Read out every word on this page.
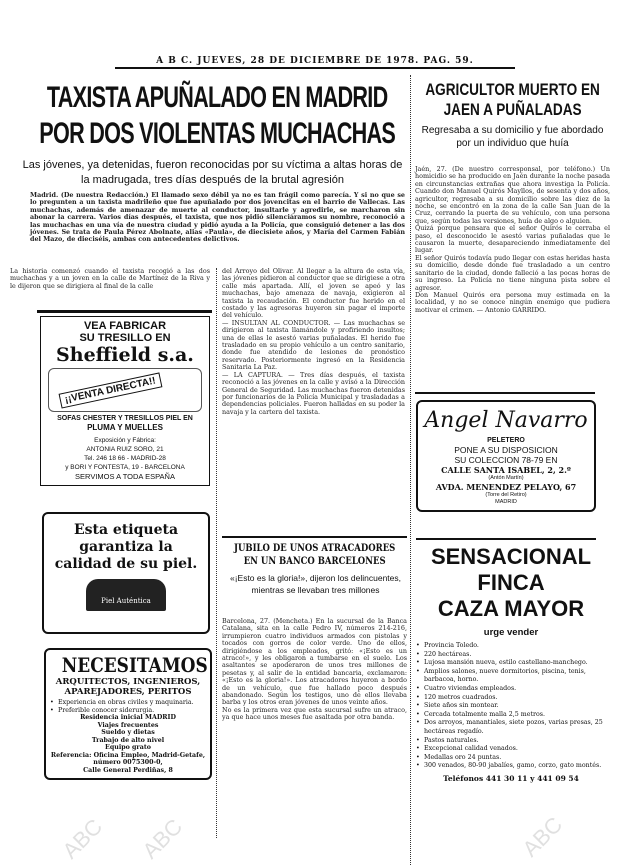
ABC ABC	ABC
A B C. JUEVES, 28 DE DICIEMBRE DE 1978. PAG. 59.
TAXISTA APUÑALADO EN MADRID
POR DOS VIOLENTAS MUCHACHAS
Las jóvenes, ya detenidas, fueron reconocidas por su víctima a altas horas de la madrugada, tres días después de la brutal agresión
Madrid. (De nuestra Redacción.) El llamado sexo débil ya no es tan frágil como parecía. Y si no que se lo pregunten a un taxista madrileño que fue apuñalado por dos jovencitas en el barrio de Vallecas. Las muchachas, además de amenazar de muerte al conductor, insultarle y agredirle, se marcharon sin abonar la carrera. Varios días después, el taxista, que nos pidió silenciáramos su nombre, reconoció a las muchachas en una vía de nuestra ciudad y pidió ayuda a la Policía, que consiguió detener a las dos jóvenes. Se trata de Paula Pérez Abolnate, alias «Paula», de diecisiete años, y María del Carmen Fabián del Mazo, de dieciséis, ambas con antecedentes delictivos.
La historia comenzó cuando el taxista recogió a las dos muchachas y a un joven en la calle de Martínez de la Riva y le dijeron que se dirigiera al final de la calle
del Arroyo del Olivar. Al llegar a la altura de esta vía, las jóvenes pidieron al conductor que se dirigiese a otra calle más apartada. Allí, el joven se apeó y las muchachas, bajo amenaza de navaja, exigieron al taxista la recaudación. El conductor fue herido en el costado y las agresoras huyeron sin pagar el importe del vehículo.
— INSULTAN AL CONDUCTOR. — Las muchachas se dirigieron al taxista llamándole y profiriendo insultos; una de ellas le asestó varias puñaladas. El herido fue trasladado en su propio vehículo a un centro sanitario, donde fue atendido de lesiones de pronóstico reservado. Posteriormente ingresó en la Residencia Sanitaria La Paz.
— LA CAPTURA. — Tres días después, el taxista reconoció a las jóvenes en la calle y avisó a la Dirección General de Seguridad. Las muchachas fueron detenidas por funcionarios de la Policía Municipal y trasladadas a dependencias policiales. Fueron halladas en su poder la navaja y la cartera del taxista.
AGRICULTOR MUERTO EN JAEN A PUÑALADAS
Regresaba a su domicilio y fue abordado por un individuo que huía
Jaén, 27. (De nuestro corresponsal, por teléfono.) Un homicidio se ha producido en Jaén durante la noche pasada en circunstancias extrañas que ahora investiga la Policía. Cuando don Manuel Quirós Mayllos, de sesenta y dos años, agricultor, regresaba a su domicilio sobre las diez de la noche, se encontró en la zona de la calle San Juan de la Cruz, cerrando la puerta de su vehículo, con una persona que, según todas las versiones, huía de algo o alguien.
Quizá porque pensara que el señor Quirós le cerraba el paso, el desconocido le asestó varias puñaladas que le causaron la muerte, desapareciendo inmediatamente del lugar.
El señor Quirós todavía pudo llegar con estas heridas hasta su domicilio, desde donde fue trasladado a un centro sanitario de la ciudad, donde falleció a las pocas horas de su ingreso. La Policía no tiene ninguna pista sobre el agresor.
Don Manuel Quirós era persona muy estimada en la localidad, y no se conoce ningún enemigo que pudiera motivar el crimen. — Antonio GARRIDO.
VEA FABRICAR
SU TRESILLO EN
Sheffield s.a.
¡¡VENTA DIRECTA!!
SOFAS CHESTER Y TRESILLOS PIEL EN
PLUMA Y MUELLES
Exposición y Fábrica:
ANTONIA RUIZ SORO, 21
Tel. 246 18 66 - MADRID-28
y BORI Y FONTESTA, 19 - BARCELONA
SERVIMOS A TODA ESPAÑA
Esta etiqueta garantiza la calidad de su piel.
Piel Auténtica
NECESITAMOS
ARQUITECTOS, INGENIEROS,
APAREJADORES, PERITOS
• Experiencia en obras civiles y maquinaria.
• Preferible conocer siderurgia.
Residencia inicial MADRID
Viajes frecuentes
Sueldo y dietas
Trabajo de alto nivel
Equipo grato
Referencia: Oficina Empleo, Madrid-Getafe, número 0075300-0,
Calle General Perdiñas, 8
JUBILO DE UNOS ATRACADORES
EN UN BANCO BARCELONES
«¡Esto es la gloria!», dijeron los delincuentes, mientras se llevaban tres millones
Barcelona, 27. (Mencheta.) En la sucursal de la Banca Catalana, sita en la calle Pedro IV, números 214-216, irrumpieron cuatro individuos armados con pistolas y tocados con gorros de color verde. Uno de ellos, dirigiéndose a los empleados, gritó: «¡Esto es un atraco!», y les obligaron a tumbarse en el suelo. Los asaltantes se apoderaron de unos tres millones de pesetas y, al salir de la entidad bancaria, exclamaron: «¡Esto es la gloria!». Los atracadores huyeron a bordo de un vehículo, que fue hallado poco después abandonado. Según los testigos, uno de ellos llevaba barba y los otros eran jóvenes de unos veinte años.
No es la primera vez que esta sucursal sufre un atraco, ya que hace unos meses fue asaltada por otra banda.
Angel Navarro
PELETERO
PONE A SU DISPOSICION
SU COLECCION 78-79 EN
CALLE SANTA ISABEL, 2, 2.º
(Antón Martín)
AVDA. MENENDEZ PELAYO, 67
(Torre del Retiro)
MADRID
SENSACIONAL
FINCA
CAZA MAYOR
urge vender
• Provincia Toledo.
• 220 hectáreas.
• Lujosa mansión nueva, estilo castellano-manchego.
• Amplios salones, nueve dormitorios, piscina, tenis, barbacoa, horno.
• Cuatro viviendas empleados.
• 120 metros cuadrados.
• Siete años sin montear.
• Cercada totalmente malla 2,5 metros.
• Dos arroyos, manantiales, siete pozos, varias presas, 25 hectáreas regadío.
• Pastos naturales.
• Excepcional calidad venados.
• Medallas oro 24 puntas.
• 300 venados, 80-90 jabalíes, gamo, corzo, gato montés.
Teléfonos 441 30 11 y 441 09 54
